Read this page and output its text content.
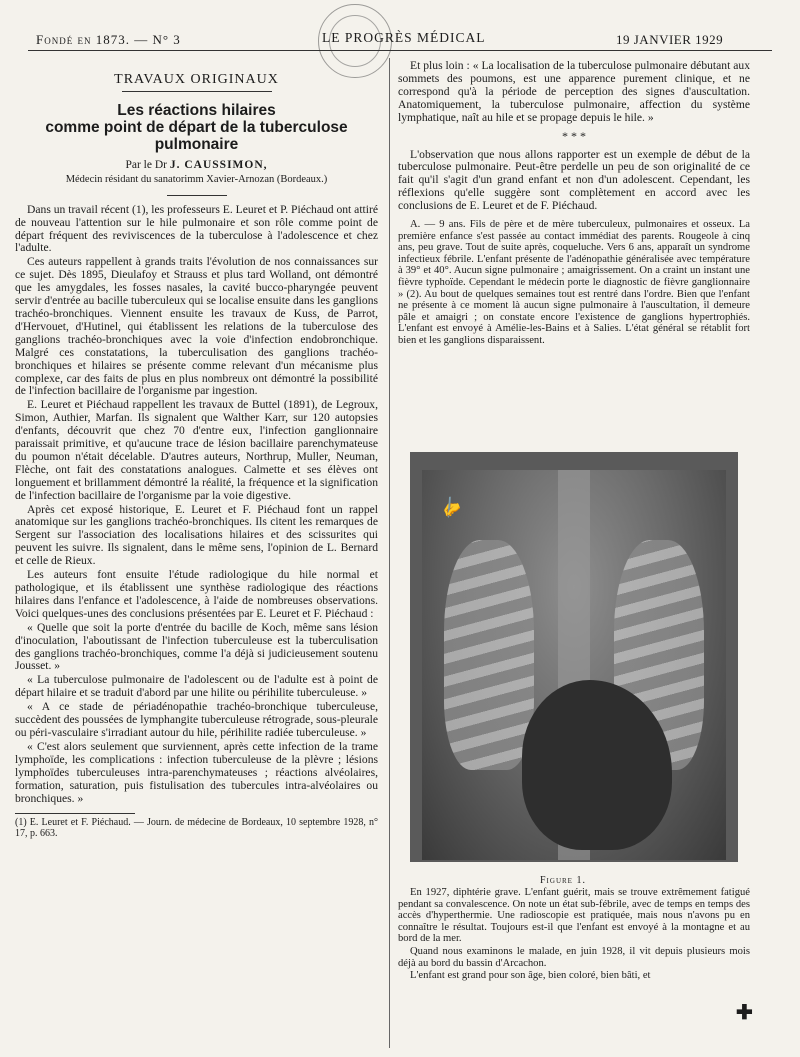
Fondé en 1873. — N° 3	LE PROGRÈS MÉDICAL	19 JANVIER 1929
TRAVAUX ORIGINAUX
Les réactions hilaires
comme point de départ de la tuberculose
pulmonaire
Par le Dr J. CAUSSIMON,
Médecin résidant du sanatorimm Xavier-Arnozan (Bordeaux.)

Dans un travail récent (1), les professeurs E. Leuret et P. Piéchaud ont attiré de nouveau l'attention sur le hile pulmonaire et son rôle comme point de départ fréquent des reviviscences de la tuberculose à l'adolescence et chez l'adulte.

Ces auteurs rappellent à grands traits l'évolution de nos connaissances sur ce sujet. Dès 1895, Dieulafoy et Strauss et plus tard Wolland, ont démontré que les amygdales, les fosses nasales, la cavité bucco-pharyngée peuvent servir d'entrée au bacille tuberculeux qui se localise ensuite dans les ganglions trachéo-bronchiques. Viennent ensuite les travaux de Kuss, de Parrot, d'Hervouet, d'Hutinel, qui établissent les relations de la tuberculose des ganglions trachéo-bronchiques avec la voie d'infection endobronchique. Malgré ces constatations, la tuberculisation des ganglions trachéo-bronchiques et hilaires se présente comme relevant d'un mécanisme plus complexe, car des faits de plus en plus nombreux ont démontré la possibilité de l'infection bacillaire de l'organisme par ingestion.

E. Leuret et Piéchaud rappellent les travaux de Buttel (1891), de Legroux, Simon, Authier, Marfan. Ils signalent que Walther Karr, sur 120 autopsies d'enfants, découvrit que chez 70 d'entre eux, l'infection ganglionnaire paraissait primitive, et qu'aucune trace de lésion bacillaire parenchymateuse du poumon n'était décelable. D'autres auteurs, Northrup, Muller, Neuman, Flèche, ont fait des constatations analogues. Calmette et ses élèves ont longuement et brillamment démontré la réalité, la fréquence et la signification de l'infection bacillaire de l'organisme par la voie digestive.

Après cet exposé historique, E. Leuret et F. Piéchaud font un rappel anatomique sur les ganglions trachéo-bronchiques. Ils citent les remarques de Sergent sur l'association des localisations hilaires et des scissurites qui peuvent les suivre. Ils signalent, dans le même sens, l'opinion de L. Bernard et celle de Rieux.

Les auteurs font ensuite l'étude radiologique du hile normal et pathologique, et ils établissent une synthèse radiologique des réactions hilaires dans l'enfance et l'adolescence, à l'aide de nombreuses observations. Voici quelques-unes des conclusions présentées par E. Leuret et F. Piéchaud :

« Quelle que soit la porte d'entrée du bacille de Koch, même sans lésion d'inoculation, l'aboutissant de l'infection tuberculeuse est la tuberculisation des ganglions trachéo-bronchiques, comme l'a déjà si judicieusement soutenu Jousset. »

« La tuberculose pulmonaire de l'adolescent ou de l'adulte est à point de départ hilaire et se traduit d'abord par une hilite ou périhilite tuberculeuse. »

« A ce stade de périadénopathie trachéo-bronchique tuberculeuse, succèdent des poussées de lymphangite tuberculeuse rétrograde, sous-pleurale ou péri-vasculaire s'irradiant autour du hile, périhilite radiée tuberculeuse. »

« C'est alors seulement que surviennent, après cette infection de la trame lymphoïde, les complications : infection tuberculeuse de la plèvre ; lésions lymphoïdes tuberculeuses intra-parenchymateuses ; réactions alvéolaires, formation, saturation, puis fistulisation des tubercules intra-alvéolaires ou bronchiques. »

(1) E. Leuret et F. Piéchaud. — Journ. de médecine de Bordeaux, 10 septembre 1928, n° 17, p. 663.

Et plus loin : « La localisation de la tuberculose pulmonaire débutant aux sommets des poumons, est une apparence purement clinique, et ne correspond qu'à la période de perception des signes d'auscultation. Anatomiquement, la tuberculose pulmonaire, affection du système lymphatique, naît au hile et se propage depuis le hile. »

* * *

L'observation que nous allons rapporter est un exemple de début de la tuberculose pulmonaire. Peut-être perdelle un peu de son originalité de ce fait qu'il s'agit d'un grand enfant et non d'un adolescent. Cependant, les réflexions qu'elle suggère sont complètement en accord avec les conclusions de E. Leuret et de F. Piéchaud.

A. — 9 ans. Fils de père et de mère tuberculeux, pulmonaires et osseux. La première enfance s'est passée au contact immédiat des parents. Rougeole à cinq ans, peu grave. Tout de suite après, coqueluche. Vers 6 ans, apparaît un syndrome infectieux fébrile. L'enfant présente de l'adénopathie généralisée avec température à 39° et 40°. Aucun signe pulmonaire ; amaigrissement. On a craint un instant une fièvre typhoïde. Cependant le médecin porte le diagnostic de fièvre ganglionnaire » (2). Au bout de quelques semaines tout est rentré dans l'ordre. Bien que l'enfant ne présente à ce moment là aucun signe pulmonaire à l'auscultation, il demeure pâle et amaigri ; on constate encore l'existence de ganglions hypertrophiés. L'enfant est envoyé à Amélie-les-Bains et à Salies. L'état général se rétablit fort bien et les ganglions disparaissent.

✍
Figure 1.

En 1927, diphtérie grave. L'enfant guérit, mais se trouve extrêmement fatigué pendant sa convalescence. On note un état sub-fébrile, avec de temps en temps des accès d'hyperthermie. Une radioscopie est pratiquée, mais nous n'avons pu en connaître le résultat. Toujours est-il que l'enfant est envoyé à la montagne et au bord de la mer.

Quand nous examinons le malade, en juin 1928, il vit depuis plusieurs mois déjà au bord du bassin d'Arcachon.

L'enfant est grand pour son âge, bien coloré, bien bâti, et

✚
